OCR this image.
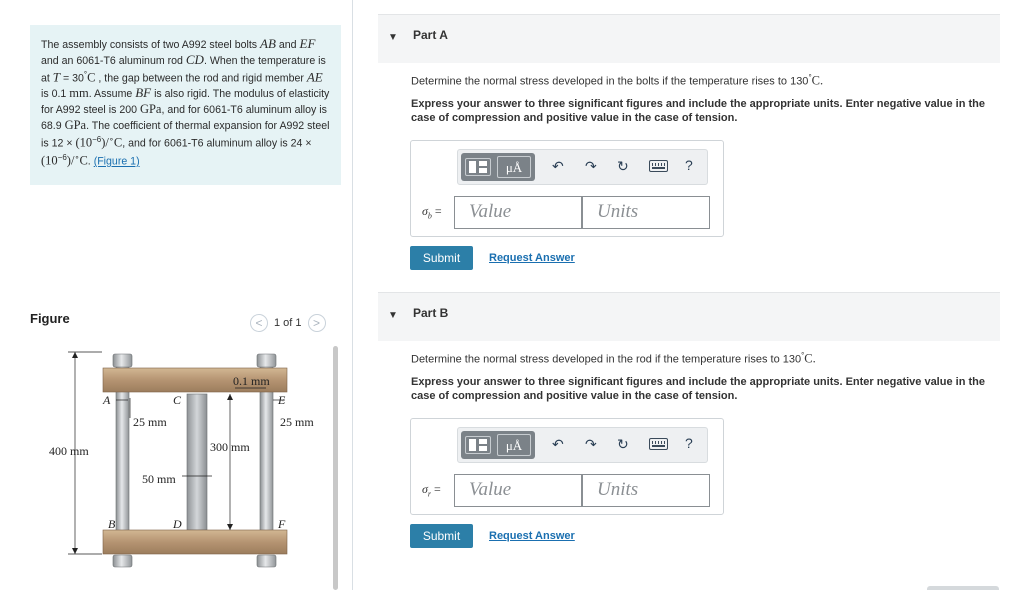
The assembly consists of two A992 steel bolts AB and EF and an 6061-T6 aluminum rod CD. When the temperature is at T = 30°C , the gap between the rod and rigid member AE is 0.1 mm. Assume BF is also rigid. The modulus of elasticity for A992 steel is 200 GPa, and for 6061-T6 aluminum alloy is 68.9 GPa. The coefficient of thermal expansion for A992 steel is $12 \times (10^{-6})/^\circ C$, and for 6061-T6 aluminum alloy is $24 \times (10^{-6})/^\circ C$. (Figure 1)
Figure	<	1 of 1 >
0.1 mm
A	C	E
B	D	F
25 mm	25 mm
400 mm	300 mm
50 mm
▼ Part A
Determine the normal stress developed in the bolts if the temperature rises to 130°C.
Express your answer to three significant figures and include the appropriate units. Enter negative value in the case of compression and positive value in the case of tension.
μÅ	↶ ↷ ↻	?
$\sigma_b$ =	Value	Units
Submit	Request Answer
▼ Part B
Determine the normal stress developed in the rod if the temperature rises to 130°C.
Express your answer to three significant figures and include the appropriate units. Enter negative value in the case of compression and positive value in the case of tension.
μÅ	↶ ↷ ↻	?
$\sigma_r$ =	Value	Units
Submit	Request Answer
